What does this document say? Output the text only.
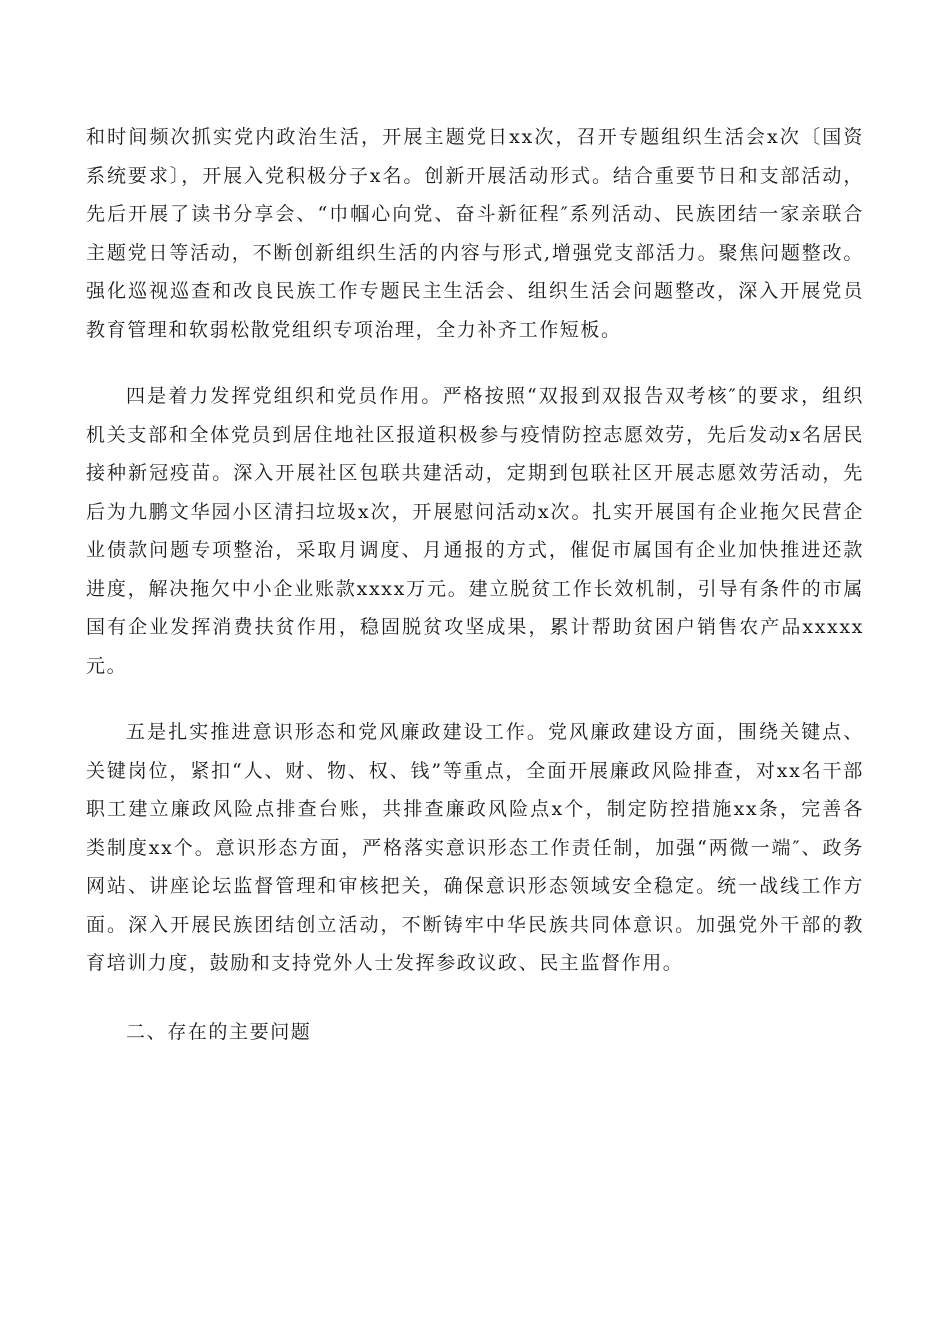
和时间频次抓实党内政治生活，开展主题党日xx次，召开专题组织生活会x次〔国资系统要求〕，开展入党积极分子x名。创新开展活动形式。结合重要节日和支部活动，先后开展了读书分享会、“巾帼心向党、奋斗新征程″系列活动、民族团结一家亲联合主题党日等活动，不断创新组织生活的内容与形式,增强党支部活力。聚焦问题整改。强化巡视巡查和改良民族工作专题民主生活会、组织生活会问题整改，深入开展党员教育管理和软弱松散党组织专项治理，全力补齐工作短板。

四是着力发挥党组织和党员作用。严格按照“双报到双报告双考核″的要求，组织机关支部和全体党员到居住地社区报道积极参与疫情防控志愿效劳，先后发动x名居民接种新冠疫苗。深入开展社区包联共建活动，定期到包联社区开展志愿效劳活动，先后为九鹏文华园小区清扫垃圾x次，开展慰问活动x次。扎实开展国有企业拖欠民营企业债款问题专项整治，采取月调度、月通报的方式，催促市属国有企业加快推进还款进度，解决拖欠中小企业账款xxxx万元。建立脱贫工作长效机制，引导有条件的市属国有企业发挥消费扶贫作用，稳固脱贫攻坚成果，累计帮助贫困户销售农产品xxxxx元。

五是扎实推进意识形态和党风廉政建设工作。党风廉政建设方面，围绕关键点、关键岗位，紧扣“人、财、物、权、钱”等重点，全面开展廉政风险排查，对xx名干部职工建立廉政风险点排查台账，共排查廉政风险点x个，制定防控措施xx条，完善各类制度xx个。意识形态方面，严格落实意识形态工作责任制，加强“两微一端″、政务网站、讲座论坛监督管理和审核把关，确保意识形态领域安全稳定。统一战线工作方面。深入开展民族团结创立活动，不断铸牢中华民族共同体意识。加强党外干部的教育培训力度，鼓励和支持党外人士发挥参政议政、民主监督作用。

二、存在的主要问题
